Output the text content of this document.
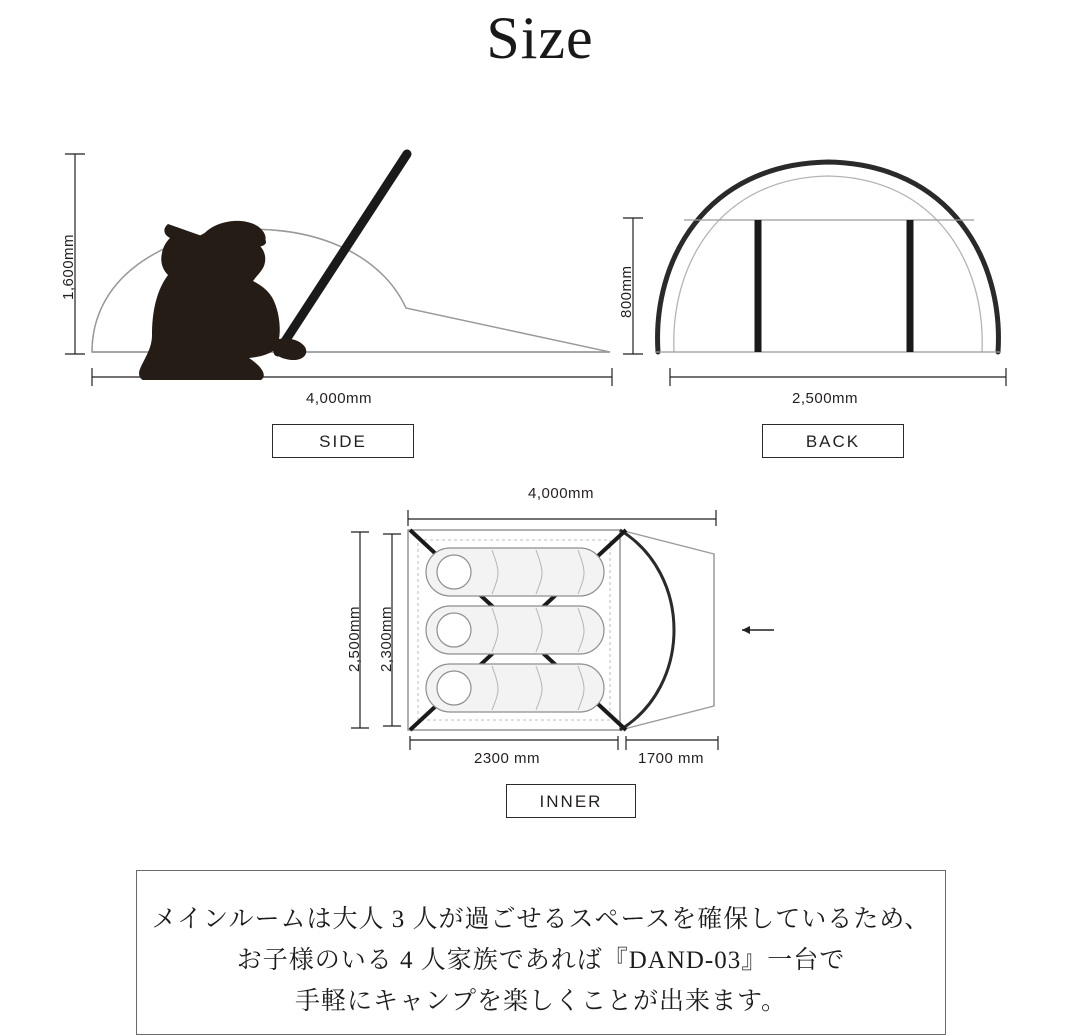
Size
1,600mm
4,000mm
SIDE
800mm
2,500mm
BACK
4,000mm
2,500mm 2,300mm
2300 mm	1700 mm
INNER

メインルームは大人 3 人が過ごせるスペースを確保しているため、

お子様のいる 4 人家族であれば『DAND-03』一台で

手軽にキャンプを楽しくことが出来ます。
